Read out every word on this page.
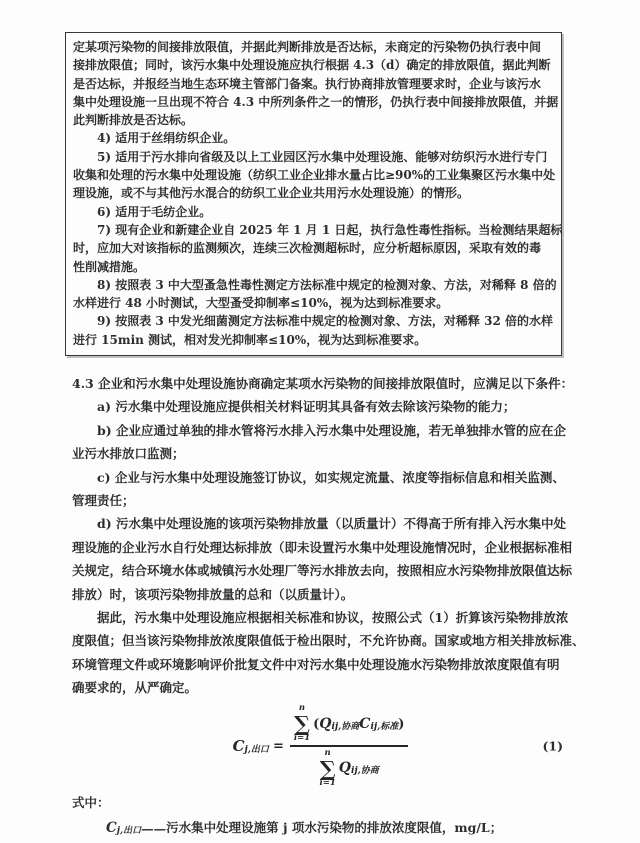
定某项污染物的间接排放限值，并据此判断排放是否达标，未商定的污染物仍执行表中间
接排放限值；同时，该污水集中处理设施应执行根据 4.3（d）确定的排放限值，据此判断
是否达标，并报经当地生态环境主管部门备案。执行协商排放管理要求时，企业与该污水
集中处理设施一旦出现不符合 4.3 中所列条件之一的情形，仍执行表中间接排放限值，并据
此判断排放是否达标。
4) 适用于丝绢纺织企业。
5) 适用于污水排向省级及以上工业园区污水集中处理设施、能够对纺织污水进行专门
收集和处理的污水集中处理设施（纺织工业企业排水量占比≥90%的工业集聚区污水集中处
理设施，或不与其他污水混合的纺织工业企业共用污水处理设施）的情形。
6) 适用于毛纺企业。
7) 现有企业和新建企业自 2025 年 1 月 1 日起，执行急性毒性指标。当检测结果超标
时，应加大对该指标的监测频次，连续三次检测超标时，应分析超标原因，采取有效的毒
性削减措施。
8) 按照表 3 中大型蚤急性毒性测定方法标准中规定的检测对象、方法，对稀释 8 倍的
水样进行 48 小时测试，大型蚤受抑制率≤10%，视为达到标准要求。
9) 按照表 3 中发光细菌测定方法标准中规定的检测对象、方法，对稀释 32 倍的水样
进行 15min 测试，相对发光抑制率≤10%，视为达到标准要求。
4.3 企业和污水集中处理设施协商确定某项水污染物的间接排放限值时，应满足以下条件：
a) 污水集中处理设施应提供相关材料证明其具备有效去除该污染物的能力；
b) 企业应通过单独的排水管将污水排入污水集中处理设施，若无单独排水管的应在企
业污水排放口监测；
c) 企业与污水集中处理设施签订协议，如实规定流量、浓度等指标信息和相关监测、
管理责任；
d) 污水集中处理设施的该项污染物排放量（以质量计）不得高于所有排入污水集中处
理设施的企业污水自行处理达标排放（即未设置污水集中处理设施情况时，企业根据标准相
关规定，结合环境水体或城镇污水处理厂等污水排放去向，按照相应水污染物排放限值达标
排放）时，该项污染物排放量的总和（以质量计）。
据此，污水集中处理设施应根据相关标准和协议，按照公式（1）折算该污染物排放浓
度限值；但当该污染物排放浓度限值低于检出限时，不允许协商。国家或地方相关排放标准、
环境管理文件或环境影响评价批复文件中对污水集中处理设施水污染物排放浓度限值有明
确要求的，从严确定。
$C_{j,出口}$ =
n
∑
i=1
( $Q_{ij,协商}$ $C_{ij,标准}$ )
n
∑
i=1
$Q_{ij,协商}$
(1)
式中：
$C_{j,出口}$ —— 污水集中处理设施第 j 项水污染物的排放浓度限值，mg/L；
